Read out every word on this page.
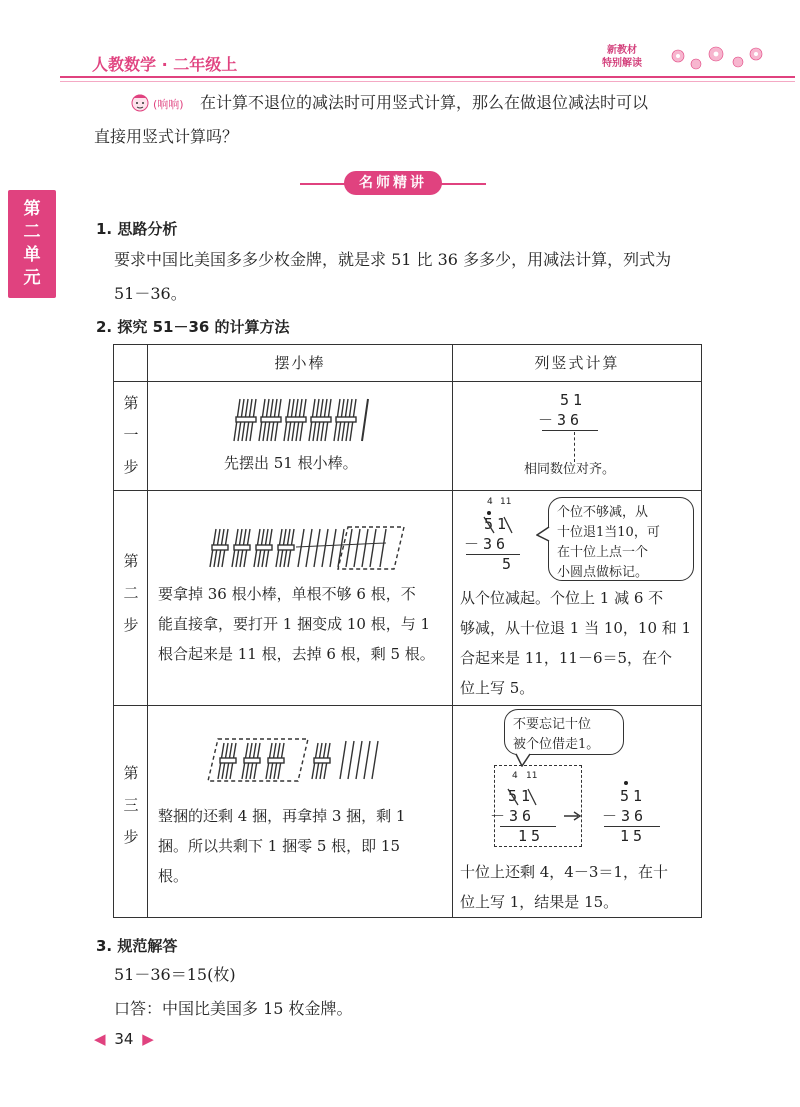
人教数学 · 二年级上
新教材
特别解读
第二单元
(响响) 在计算不退位的减法时可用竖式计算，那么在做退位减法时可以
直接用竖式计算吗？
名师精讲
1. 思路分析
要求中国比美国多多少枚金牌，就是求 51 比 36 多多少，用减法计算，列式为
51－36。
2. 探究 51－36 的计算方法
摆小棒	列竖式计算
第一步	先摆出 51 根小棒。
51
－36
相同数位对齐。
第二步
要拿掉 36 根小棒，单根不够 6 根，不
能直接拿，要打开 1 捆变成 10 根，与 1
根合起来是 11 根，去掉 6 根，剩 5 根。
4 11
51
－36
5
个位不够减，从
十位退1当10，可
在十位上点一个
小圆点做标记。
从个位减起。个位上 1 减 6 不
够减，从十位退 1 当 10，10 和 1
合起来是 11，11－6＝5，在个
位上写 5。
第三步
整捆的还剩 4 捆，再拿掉 3 捆，剩 1
捆。所以共剩下 1 捆零 5 根，即 15
根。
不要忘记十位
被个位借走1。
4 11
51
－36
15
51
－36
15
十位上还剩 4，4－3＝1，在十
位上写 1，结果是 15。
3. 规范解答
51－36＝15(枚)
口答：中国比美国多 15 枚金牌。
◀ 34 ▶
